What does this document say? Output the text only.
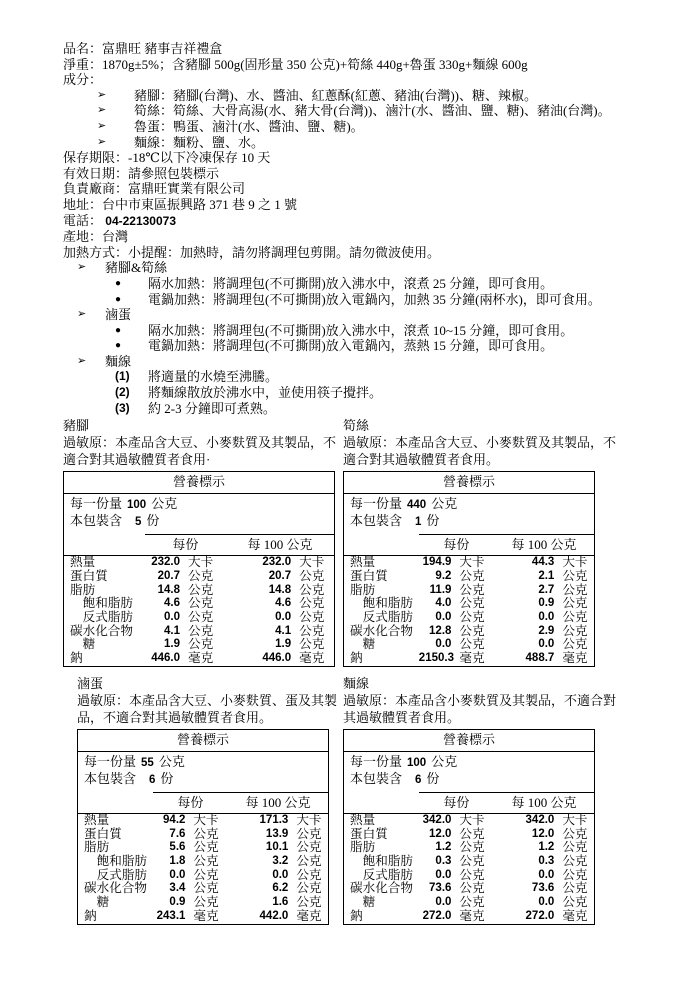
品名：富鼎旺 豬事吉祥禮盒

淨重：1870g±5%；含豬腳 500g(固形量 350 公克)+筍絲 440g+魯蛋 330g+麵線 600g

成分：

➢	豬腳：豬腳(台灣)、水、醬油、紅蔥酥(紅蔥、豬油(台灣))、糖、辣椒。

➢	筍絲：筍絲、大骨高湯(水、豬大骨(台灣))、滷汁(水、醬油、鹽、糖)、豬油(台灣)。

➢	魯蛋：鴨蛋、滷汁(水、醬油、鹽、糖)。

➢	麵線：麵粉、鹽、水。

保存期限：-18℃以下冷凍保存 10 天

有效日期：請參照包裝標示

負責廠商：富鼎旺實業有限公司

地址：台中市東區振興路 371 巷 9 之 1 號

電話： 04-22130073

產地：台灣

加熱方式：小提醒：加熱時，請勿將調理包剪開。請勿微波使用。

➢	豬腳&筍絲

●	隔水加熱：將調理包(不可撕開)放入沸水中，滾煮 25 分鐘，即可食用。

●	電鍋加熱：將調理包(不可撕開)放入電鍋內，加熱 35 分鐘(兩杯水)，即可食用。

➢	滷蛋

●	隔水加熱：將調理包(不可撕開)放入沸水中，滾煮 10~15 分鐘，即可食用。

●	電鍋加熱：將調理包(不可撕開)放入電鍋內，蒸熱 15 分鐘，即可食用。

➢	麵線

(1)	將適量的水燒至沸騰。

(2)	將麵線散放於沸水中，並使用筷子攪拌。

(3)	約 2-3 分鐘即可煮熟。

豬腳

過敏原：本產品含大豆、小麥麩質及其製品，不適合對其過敏體質者食用·

營養標示				

每一份量 100 公克
本包裝含 5 份				

	每份		每 100 公克	
熱量	232.0	大卡	232.0	大卡
蛋白質	20.7	公克	20.7	公克
脂肪	14.8	公克	14.8	公克
　飽和脂肪	4.6	公克	4.6	公克
　反式脂肪	0.0	公克	0.0	公克
碳水化合物	4.1	公克	4.1	公克
　糖	1.9	公克	1.9	公克
鈉	446.0	毫克	446.0	毫克
筍絲

過敏原：本產品含大豆、小麥麩質及其製品，不適合對其過敏體質者食用。

營養標示				

每一份量 440 公克
本包裝含 1 份				

	每份		每 100 公克	
熱量	194.9	大卡	44.3	大卡
蛋白質	9.2	公克	2.1	公克
脂肪	11.9	公克	2.7	公克
　飽和脂肪	4.0	公克	0.9	公克
　反式脂肪	0.0	公克	0.0	公克
碳水化合物	12.8	公克	2.9	公克
　糖	0.0	公克	0.0	公克
鈉	2150.3	毫克	488.7	毫克
滷蛋

過敏原：本產品含大豆、小麥麩質、蛋及其製品，不適合對其過敏體質者食用。

營養標示				

每一份量 55 公克
本包裝含 6 份				

	每份		每 100 公克	
熱量	94.2	大卡	171.3	大卡
蛋白質	7.6	公克	13.9	公克
脂肪	5.6	公克	10.1	公克
　飽和脂肪	1.8	公克	3.2	公克
　反式脂肪	0.0	公克	0.0	公克
碳水化合物	3.4	公克	6.2	公克
　糖	0.9	公克	1.6	公克
鈉	243.1	毫克	442.0	毫克
麵線

過敏原：本產品含小麥麩質及其製品，不適合對其過敏體質者食用。

營養標示				

每一份量 100 公克
本包裝含 6 份				

	每份		每 100 公克	
熱量	342.0	大卡	342.0	大卡
蛋白質	12.0	公克	12.0	公克
脂肪	1.2	公克	1.2	公克
　飽和脂肪	0.3	公克	0.3	公克
　反式脂肪	0.0	公克	0.0	公克
碳水化合物	73.6	公克	73.6	公克
　糖	0.0	公克	0.0	公克
鈉	272.0	毫克	272.0	毫克
